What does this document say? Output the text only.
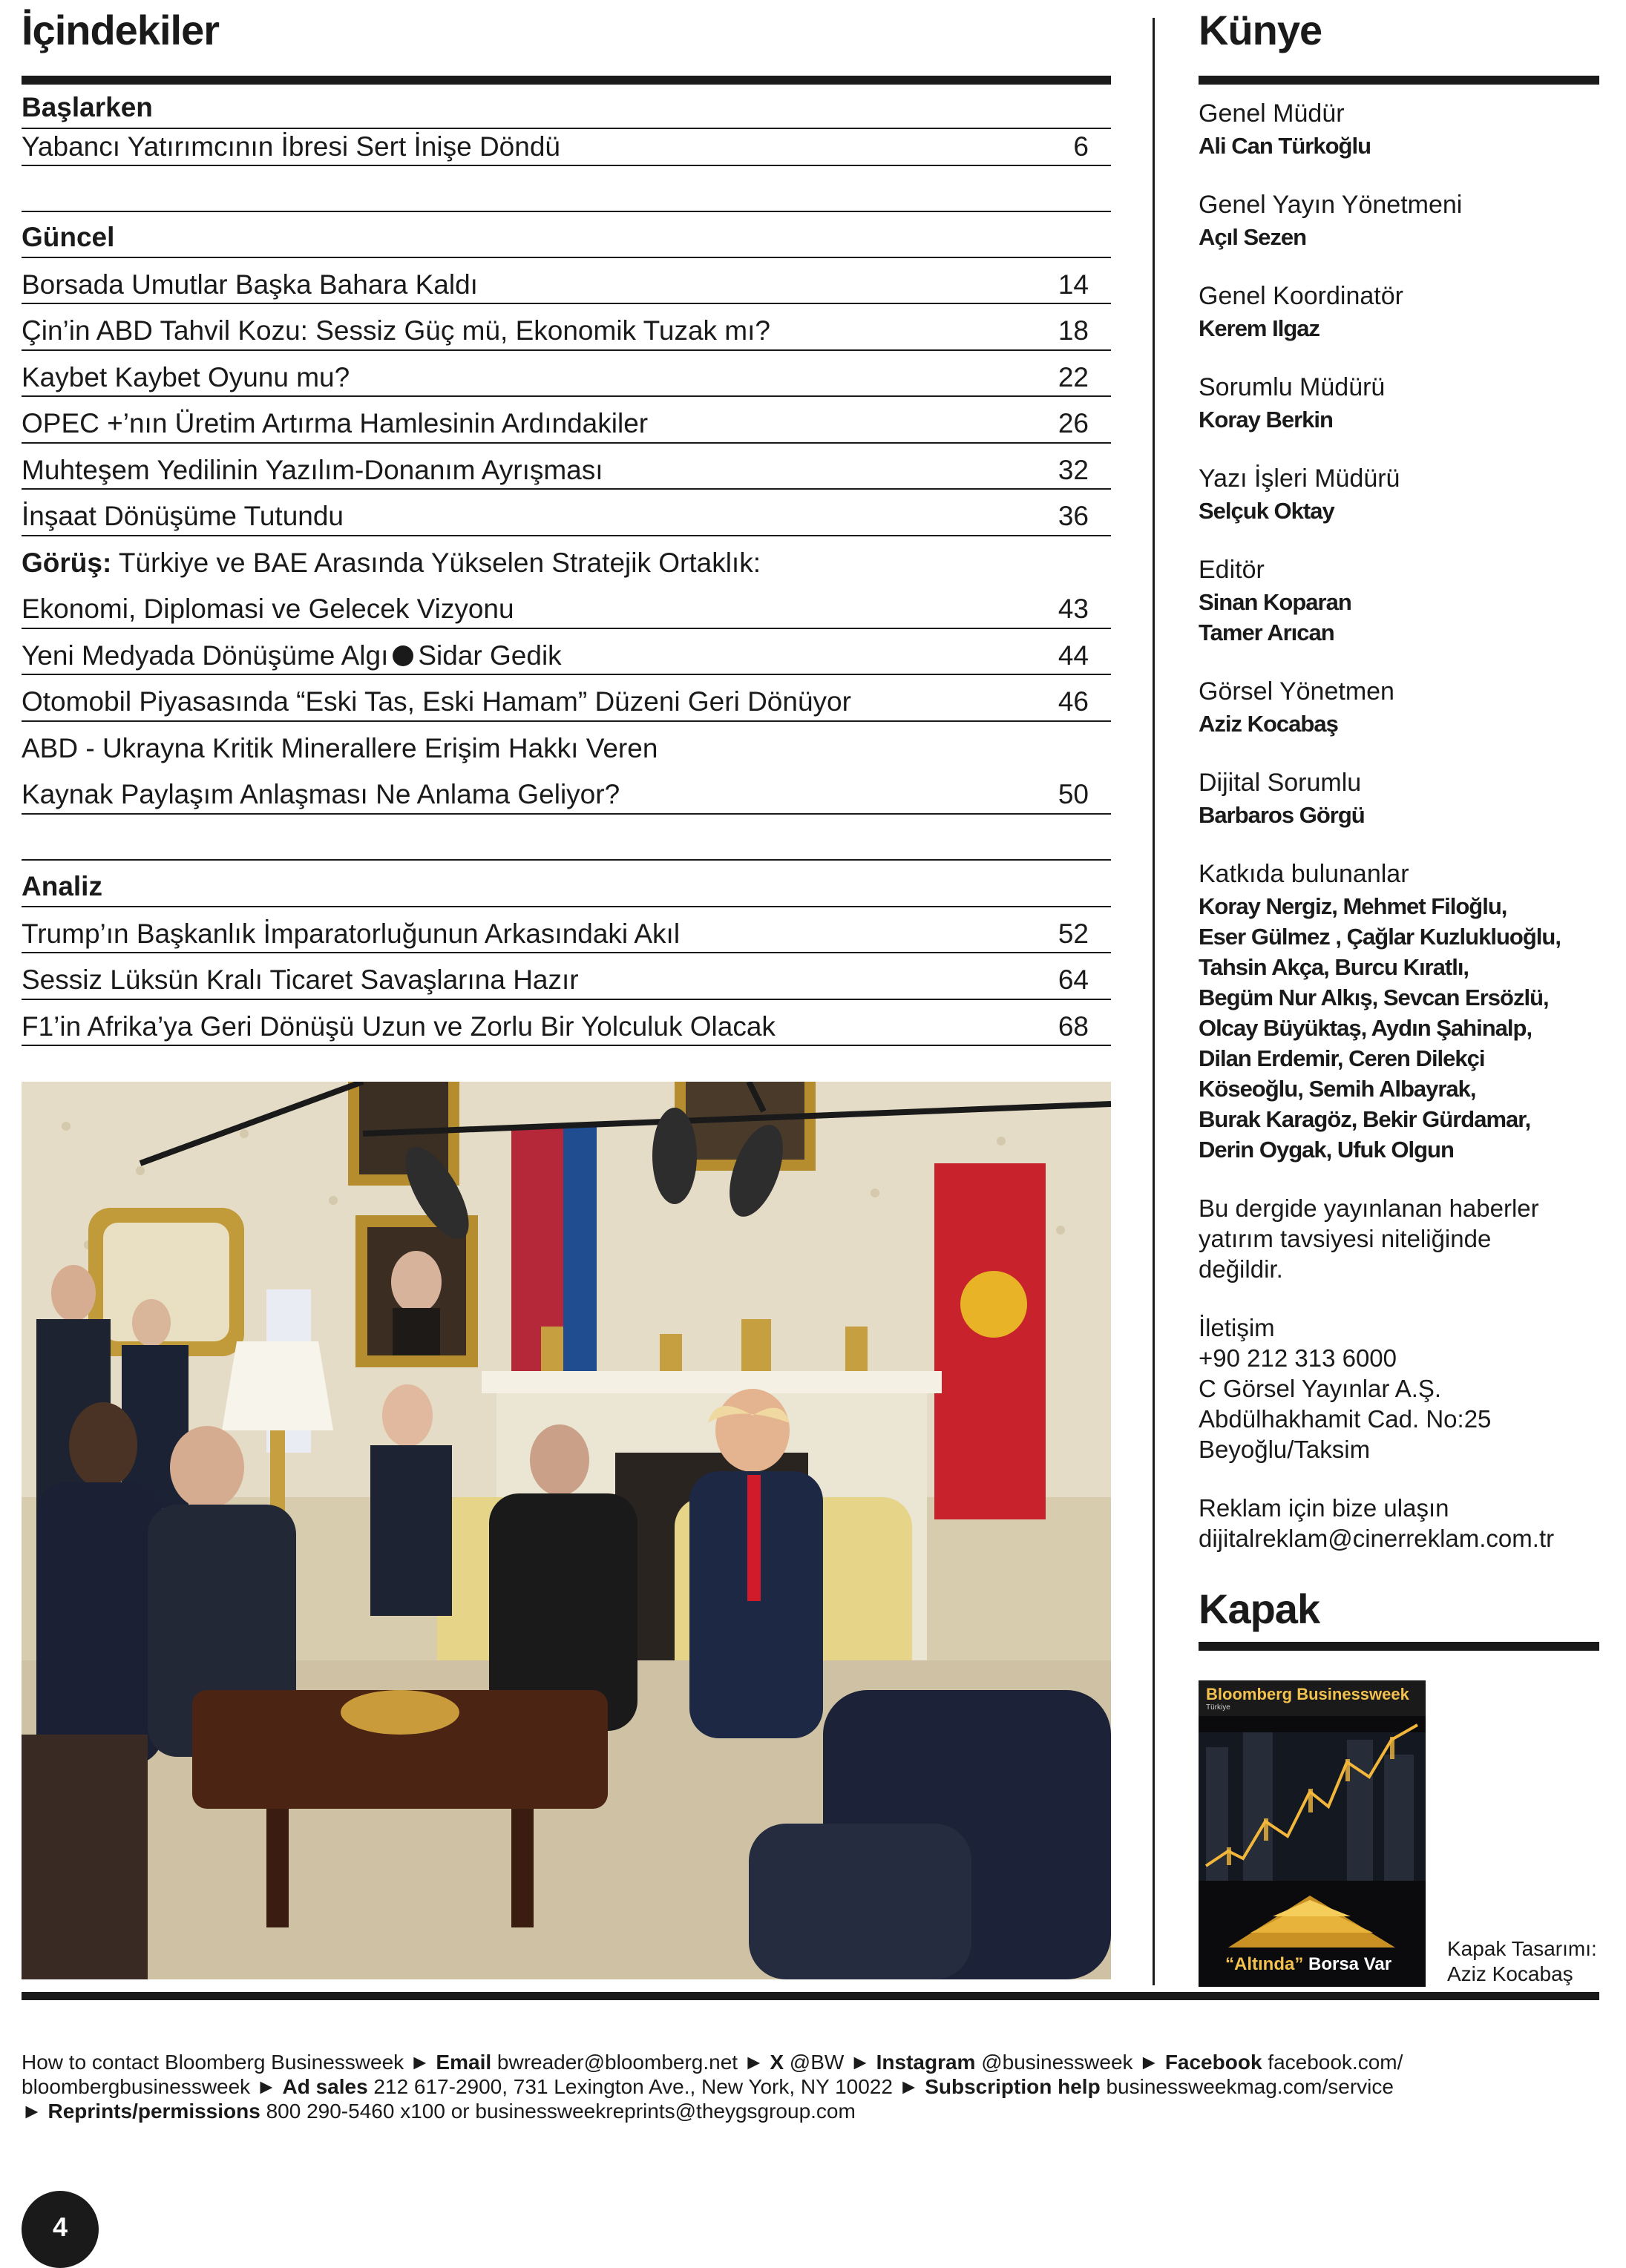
İçindekiler
Başlarken
Yabancı Yatırımcının İbresi Sert İnişe Döndü	6
Güncel
Borsada Umutlar Başka Bahara Kaldı	14
Çin’in ABD Tahvil Kozu: Sessiz Güç mü, Ekonomik Tuzak mı?	18
Kaybet Kaybet Oyunu mu?	22
OPEC +’nın Üretim Artırma Hamlesinin Ardındakiler	26
Muhteşem Yedilinin Yazılım-Donanım Ayrışması	32
İnşaat Dönüşüme Tutundu	36
Görüş: Türkiye ve BAE Arasında Yükselen Stratejik Ortaklık:
Ekonomi, Diplomasi ve Gelecek Vizyonu	43
Yeni Medyada Dönüşüme Algı Sidar Gedik	44
Otomobil Piyasasında “Eski Tas, Eski Hamam” Düzeni Geri Dönüyor	46
ABD - Ukrayna Kritik Minerallere Erişim Hakkı Veren
Kaynak Paylaşım Anlaşması Ne Anlama Geliyor?	50
Analiz
Trump’ın Başkanlık İmparatorluğunun Arkasındaki Akıl	52
Sessiz Lüksün Kralı Ticaret Savaşlarına Hazır	64
F1’in Afrika’ya Geri Dönüşü Uzun ve Zorlu Bir Yolculuk Olacak	68
Künye
Genel Müdür
Ali Can Türkoğlu
Genel Yayın Yönetmeni
Açıl Sezen
Genel Koordinatör
Kerem Ilgaz
Sorumlu Müdürü
Koray Berkin
Yazı İşleri Müdürü
Selçuk Oktay
Editör
Sinan Koparan
Tamer Arıcan
Görsel Yönetmen
Aziz Kocabaş
Dijital Sorumlu
Barbaros Görgü
Katkıda bulunanlar
Koray Nergiz, Mehmet Filoğlu,
Eser Gülmez , Çağlar Kuzlukluoğlu,
Tahsin Akça, Burcu Kıratlı,
Begüm Nur Alkış, Sevcan Ersözlü,
Olcay Büyüktaş, Aydın Şahinalp,
Dilan Erdemir, Ceren Dilekçi
Köseoğlu, Semih Albayrak,
Burak Karagöz, Bekir Gürdamar,
Derin Oygak, Ufuk Olgun
Bu dergide yayınlanan haberler
yatırım tavsiyesi niteliğinde
değildir.
İletişim
+90 212 313 6000
C Görsel Yayınlar A.Ş.
Abdülhakhamit Cad. No:25
Beyoğlu/Taksim
Reklam için bize ulaşın
dijitalreklam@cinerreklam.com.tr
Kapak
Bloomberg Businessweek
Türkiye
“Altında” Borsa Var
Kapak Tasarımı:
Aziz Kocabaş
How to contact Bloomberg Businessweek ► Email bwreader@bloomberg.net ► X @BW ► Instagram @businessweek ► Facebook facebook.com/ bloombergbusinessweek ► Ad sales 212 617-2900, 731 Lexington Ave., New York, NY 10022 ► Subscription help businessweekmag.com/service
► Reprints/permissions 800 290-5460 x100 or businessweekreprints@theygsgroup.com
4
